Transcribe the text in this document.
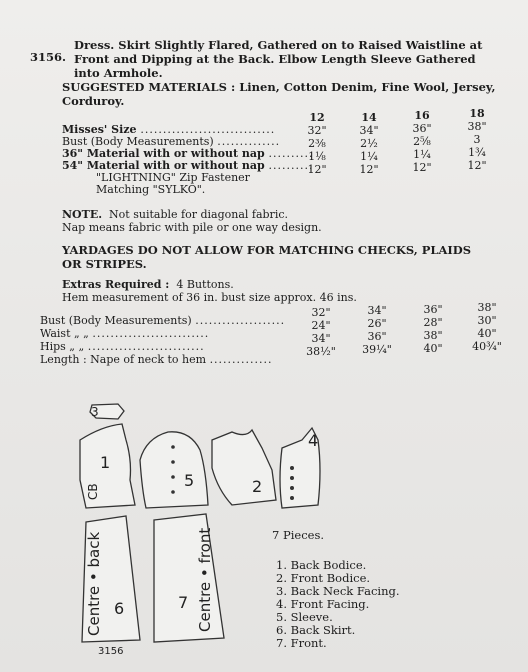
3156.
Dress. Skirt Slightly Flared, Gathered on to Raised Waistline at
Front and Dipping at the Back. Elbow Length Sleeve Gathered
into Armhole.
SUGGESTED MATERIALS : Linen, Cotton Denim, Fine Wool, Jersey,
Corduroy.
12	14	16	18
Misses' Size ..............................
Bust (Body Measurements) ..............
32"	34"	36"	38"
36" Material with or without nap ..........
2⅜	2½	2⅝	3
54" Material with or without nap ..........
1⅛	1¼	1¼	1¾
"LIGHTNING" Zip Fastener
12"	12"	12"	12"
Matching "SYLKO".
NOTE. Not suitable for diagonal fabric.
Nap means fabric with pile or one way design.
YARDAGES DO NOT ALLOW FOR MATCHING CHECKS, PLAIDS
OR STRIPES.
Extras Required : 4 Buttons.
Hem measurement of 36 in. bust size approx. 46 ins.
Bust (Body Measurements) ....................
32"	34"	36"	38"
Waist „ „ ..........................
24"	26"	28"	30"
Hips „ „ ..........................
34"	36"	38"	40"
Length : Nape of neck to hem ..............
38½" 39¼"	40"	40¾"
3
1
CB
5	2
4
6
Centre • back	7 Centre • front
3156
7 Pieces.
1. Back Bodice.
2. Front Bodice.
3. Back Neck Facing.
4. Front Facing.
5. Sleeve.
6. Back Skirt.
7. Front.
